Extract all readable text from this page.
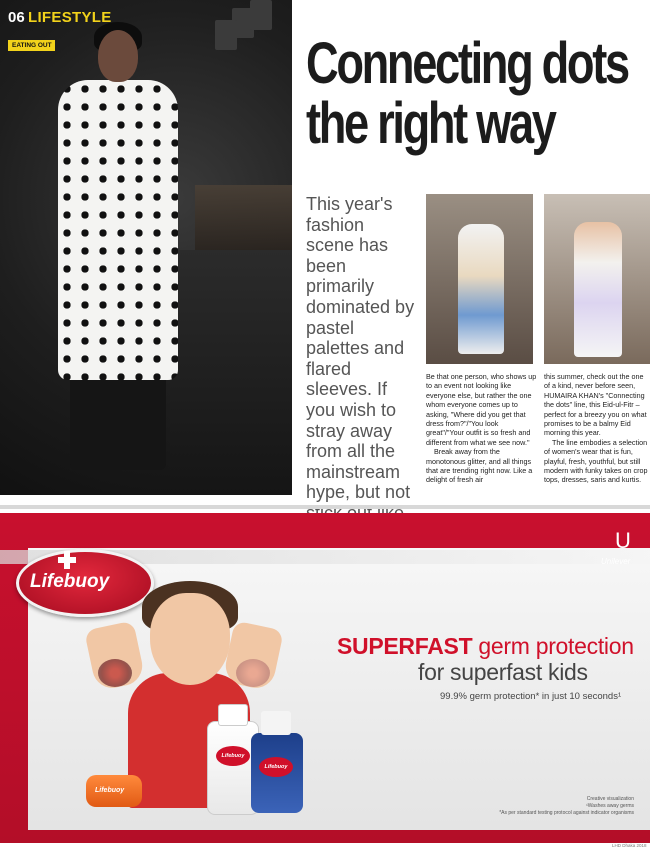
06 LIFESTYLE
EATING OUT	Connecting dots
the right way
This year's fashion scene has been primarily dominated by pastel palettes and flared sleeves. If you wish to stray away from all the mainstream hype, but not

Be that one person, who shows up to an event not looking like everyone else, but rather the one whom everyone comes up to asking, "Where did you get that dress from?"/"You look great"/"Your outfit is so fresh and different from what we see now."

Break away from the monotonous glitter, and all things that are trending right now. Like a delight of fresh air

this summer, check out the one of a kind, never before seen, HUMAIRA KHAN's "Connecting the dots" line, this Eid-ul-Fitr – perfect for a breezy you on what promises to be a balmy Eid morning this year.

The line embodies a selection of women's wear that is fun, playful, fresh, youthful, but still modern with funky takes on crop tops, dresses, saris and kurtis.

Lifebuoy
U
Unilever
Lifebuoy
Lifebuoy
Lifebuoy
SUPERFAST germ protection
for superfast kids
99.9% germ protection* in just 10 seconds¹
Creative visualization
¹Washes away germs
*As per standard testing protocol against indicator organisms
LHD Dhaka 2018
